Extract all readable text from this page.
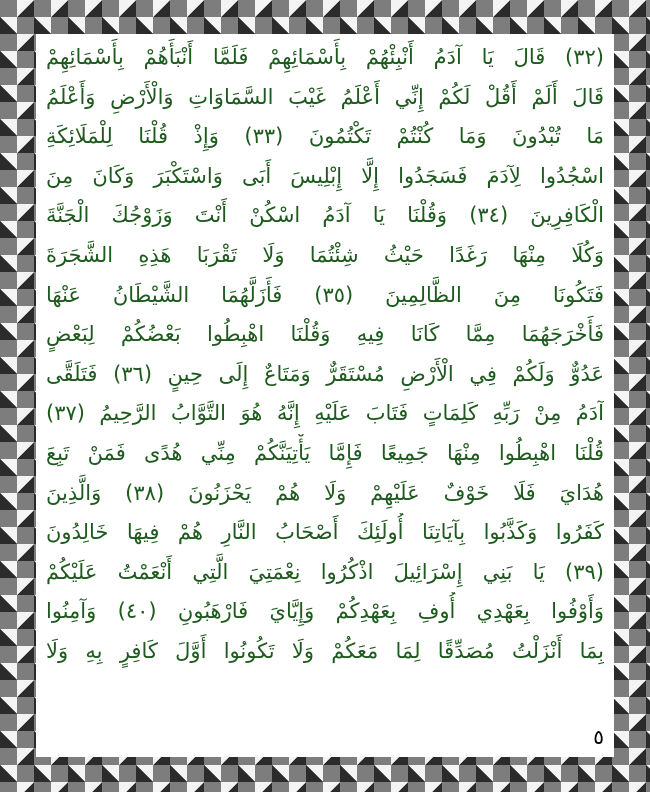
(٣٢) قَالَ يَا آدَمُ أَنْبِئْهُمْ بِأَسْمَائِهِمْ فَلَمَّا أَنْبَأَهُمْ بِأَسْمَائِهِمْ
قَالَ أَلَمْ أَقُلْ لَكُمْ إِنِّي أَعْلَمُ غَيْبَ السَّمَاوَاتِ وَالْأَرْضِ وَأَعْلَمُ
مَا تُبْدُونَ وَمَا كُنْتُمْ تَكْتُمُونَ (٣٣) وَإِذْ قُلْنَا لِلْمَلَائِكَةِ
اسْجُدُوا لِآدَمَ فَسَجَدُوا إِلَّا إِبْلِيسَ أَبَى وَاسْتَكْبَرَ وَكَانَ مِنَ
الْكَافِرِينَ (٣٤) وَقُلْنَا يَا آدَمُ اسْكُنْ أَنْتَ وَزَوْجُكَ الْجَنَّةَ
وَكُلَا مِنْهَا رَغَدًا حَيْثُ شِئْتُمَا وَلَا تَقْرَبَا هَذِهِ الشَّجَرَةَ
فَتَكُونَا مِنَ الظَّالِمِينَ (٣٥) فَأَزَلَّهُمَا الشَّيْطَانُ عَنْهَا
فَأَخْرَجَهُمَا مِمَّا كَانَا فِيهِ وَقُلْنَا اهْبِطُوا بَعْضُكُمْ لِبَعْضٍ
عَدُوٌّ وَلَكُمْ فِي الْأَرْضِ مُسْتَقَرٌّ وَمَتَاعٌ إِلَى حِينٍ (٣٦) فَتَلَقَّى
آدَمُ مِنْ رَبِّهِ كَلِمَاتٍ فَتَابَ عَلَيْهِ إِنَّهُ هُوَ التَّوَّابُ الرَّحِيمُ (٣٧)
قُلْنَا اهْبِطُوا مِنْهَا جَمِيعًا فَإِمَّا يَأْتِيَنَّكُمْ مِنِّي هُدًى فَمَنْ تَبِعَ
هُدَايَ فَلَا خَوْفٌ عَلَيْهِمْ وَلَا هُمْ يَحْزَنُونَ (٣٨) وَالَّذِينَ
كَفَرُوا وَكَذَّبُوا بِآيَاتِنَا أُولَئِكَ أَصْحَابُ النَّارِ هُمْ فِيهَا خَالِدُونَ
(٣٩) يَا بَنِي إِسْرَائِيلَ اذْكُرُوا نِعْمَتِيَ الَّتِي أَنْعَمْتُ عَلَيْكُمْ
وَأَوْفُوا بِعَهْدِي أُوفِ بِعَهْدِكُمْ وَإِيَّايَ فَارْهَبُونِ (٤٠) وَآمِنُوا
بِمَا أَنْزَلْتُ مُصَدِّقًا لِمَا مَعَكُمْ وَلَا تَكُونُوا أَوَّلَ كَافِرٍ بِهِ وَلَا
٥
